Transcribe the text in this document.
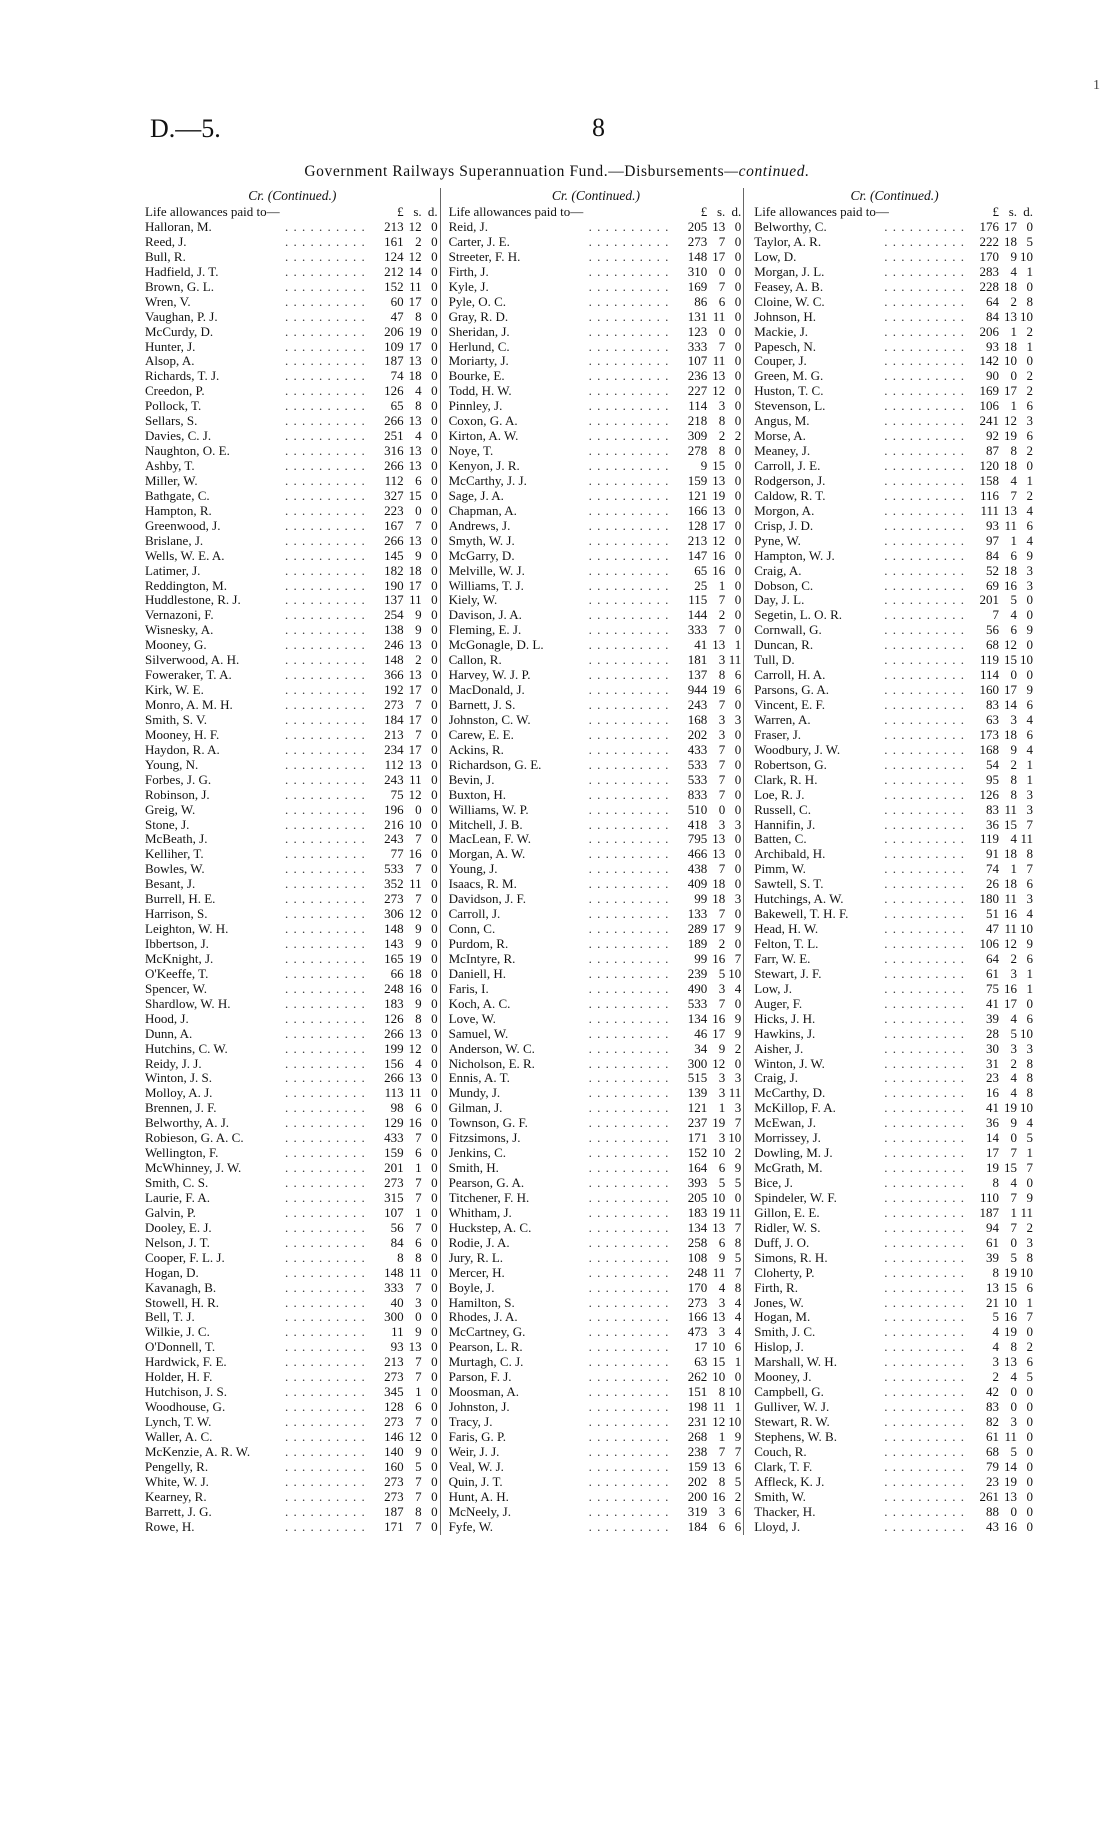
1
D.—5.	8
Government Railways Superannuation Fund.—Disbursements—continued.
Cr. (Continued.)
Life allowances paid to—	£ s. d.
Halloran, M.	. . . . . . . . . .	213 12 0
Reed, J.	. . . . . . . . . .	161 2 0
Bull, R.	. . . . . . . . . .	124 12 0
Hadfield, J. T.	. . . . . . . . . .	212 14 0
Brown, G. L.	. . . . . . . . . .	152 11 0
Wren, V.	. . . . . . . . . .	60 17 0
Vaughan, P. J.	. . . . . . . . . .	47 8 0
McCurdy, D.	. . . . . . . . . .	206 19 0
Hunter, J.	. . . . . . . . . .	109 17 0
Alsop, A.	. . . . . . . . . .	187 13 0
Richards, T. J.	. . . . . . . . . .	74 18 0
Creedon, P.	. . . . . . . . . .	126 4 0
Pollock, T.	. . . . . . . . . .	65 8 0
Sellars, S.	. . . . . . . . . .	266 13 0
Davies, C. J.	. . . . . . . . . .	251 4 0
Naughton, O. E.	. . . . . . . . . .	316 13 0
Ashby, T.	. . . . . . . . . .	266 13 0
Miller, W.	. . . . . . . . . .	112 6 0
Bathgate, C.	. . . . . . . . . .	327 15 0
Hampton, R.	. . . . . . . . . .	223 0 0
Greenwood, J.	. . . . . . . . . .	167 7 0
Brislane, J.	. . . . . . . . . .	266 13 0
Wells, W. E. A.	. . . . . . . . . .	145 9 0
Latimer, J.	. . . . . . . . . .	182 18 0
Reddington, M.	. . . . . . . . . .	190 17 0
Huddlestone, R. J.	. . . . . . . . . .	137 11 0
Vernazoni, F.	. . . . . . . . . .	254 9 0
Wisnesky, A.	. . . . . . . . . .	138 9 0
Mooney, G.	. . . . . . . . . .	246 13 0
Silverwood, A. H.	. . . . . . . . . .	148 2 0
Foweraker, T. A.	. . . . . . . . . .	366 13 0
Kirk, W. E.	. . . . . . . . . .	192 17 0
Monro, A. M. H.	. . . . . . . . . .	273 7 0
Smith, S. V.	. . . . . . . . . .	184 17 0
Mooney, H. F.	. . . . . . . . . .	213 7 0
Haydon, R. A.	. . . . . . . . . .	234 17 0
Young, N.	. . . . . . . . . .	112 13 0
Forbes, J. G.	. . . . . . . . . .	243 11 0
Robinson, J.	. . . . . . . . . .	75 12 0
Greig, W.	. . . . . . . . . .	196 0 0
Stone, J.	. . . . . . . . . .	216 10 0
McBeath, J.	. . . . . . . . . .	243 7 0
Kelliher, T.	. . . . . . . . . .	77 16 0
Bowles, W.	. . . . . . . . . .	533 7 0
Besant, J.	. . . . . . . . . .	352 11 0
Burrell, H. E.	. . . . . . . . . .	273 7 0
Harrison, S.	. . . . . . . . . .	306 12 0
Leighton, W. H.	. . . . . . . . . .	148 9 0
Ibbertson, J.	. . . . . . . . . .	143 9 0
McKnight, J.	. . . . . . . . . .	165 19 0
O'Keeffe, T.	. . . . . . . . . .	66 18 0
Spencer, W.	. . . . . . . . . .	248 16 0
Shardlow, W. H.	. . . . . . . . . .	183 9 0
Hood, J.	. . . . . . . . . .	126 8 0
Dunn, A.	. . . . . . . . . .	266 13 0
Hutchins, C. W.	. . . . . . . . . .	199 12 0
Reidy, J. J.	. . . . . . . . . .	156 4 0
Winton, J. S.	. . . . . . . . . .	266 13 0
Molloy, A. J.	. . . . . . . . . .	113 11 0
Brennen, J. F.	. . . . . . . . . .	98 6 0
Belworthy, A. J.	. . . . . . . . . .	129 16 0
Robieson, G. A. C.	. . . . . . . . . .	433 7 0
Wellington, F.	. . . . . . . . . .	159 6 0
McWhinney, J. W.	. . . . . . . . . .	201 1 0
Smith, C. S.	. . . . . . . . . .	273 7 0
Laurie, F. A.	. . . . . . . . . .	315 7 0
Galvin, P.	. . . . . . . . . .	107 1 0
Dooley, E. J.	. . . . . . . . . .	56 7 0
Nelson, J. T.	. . . . . . . . . .	84 6 0
Cooper, F. L. J.	. . . . . . . . . .	8 8 0
Hogan, D.	. . . . . . . . . .	148 11 0
Kavanagh, B.	. . . . . . . . . .	333 7 0
Stowell, H. R.	. . . . . . . . . .	40 3 0
Bell, T. J.	. . . . . . . . . .	300 0 0
Wilkie, J. C.	. . . . . . . . . .	11 9 0
O'Donnell, T.	. . . . . . . . . .	93 13 0
Hardwick, F. E.	. . . . . . . . . .	213 7 0
Holder, H. F.	. . . . . . . . . .	273 7 0
Hutchison, J. S.	. . . . . . . . . .	345 1 0
Woodhouse, G.	. . . . . . . . . .	128 6 0
Lynch, T. W.	. . . . . . . . . .	273 7 0
Waller, A. C.	. . . . . . . . . .	146 12 0
McKenzie, A. R. W.	. . . . . . . . . .	140 9 0
Pengelly, R.	. . . . . . . . . .	160 5 0
White, W. J.	. . . . . . . . . .	273 7 0
Kearney, R.	. . . . . . . . . .	273 7 0
Barrett, J. G.	. . . . . . . . . .	187 8 0
Rowe, H.	. . . . . . . . . .	171 7 0
Cr. (Continued.)
Life allowances paid to—	£ s. d.
Reid, J.	. . . . . . . . . .	205 13 0
Carter, J. E.	. . . . . . . . . .	273 7 0
Streeter, F. H.	. . . . . . . . . .	148 17 0
Firth, J.	. . . . . . . . . .	310 0 0
Kyle, J.	. . . . . . . . . .	169 7 0
Pyle, O. C.	. . . . . . . . . .	86 6 0
Gray, R. D.	. . . . . . . . . .	131 11 0
Sheridan, J.	. . . . . . . . . .	123 0 0
Herlund, C.	. . . . . . . . . .	333 7 0
Moriarty, J.	. . . . . . . . . .	107 11 0
Bourke, E.	. . . . . . . . . .	236 13 0
Todd, H. W.	. . . . . . . . . .	227 12 0
Pinnley, J.	. . . . . . . . . .	114 3 0
Coxon, G. A.	. . . . . . . . . .	218 8 0
Kirton, A. W.	. . . . . . . . . .	309 2 2
Noye, T.	. . . . . . . . . .	278 8 0
Kenyon, J. R.	. . . . . . . . . .	9 15 0
McCarthy, J. J.	. . . . . . . . . .	159 13 0
Sage, J. A.	. . . . . . . . . .	121 19 0
Chapman, A.	. . . . . . . . . .	166 13 0
Andrews, J.	. . . . . . . . . .	128 17 0
Smyth, W. J.	. . . . . . . . . .	213 12 0
McGarry, D.	. . . . . . . . . .	147 16 0
Melville, W. J.	. . . . . . . . . .	65 16 0
Williams, T. J.	. . . . . . . . . .	25 1 0
Kiely, W.	. . . . . . . . . .	115 7 0
Davison, J. A.	. . . . . . . . . .	144 2 0
Fleming, E. J.	. . . . . . . . . .	333 7 0
McGonagle, D. L.	. . . . . . . . . .	41 13 1
Callon, R.	. . . . . . . . . .	181 3 11
Harvey, W. J. P.	. . . . . . . . . .	137 8 6
MacDonald, J.	. . . . . . . . . .	944 19 6
Barnett, J. S.	. . . . . . . . . .	243 7 0
Johnston, C. W.	. . . . . . . . . .	168 3 3
Carew, E. E.	. . . . . . . . . .	202 3 0
Ackins, R.	. . . . . . . . . .	433 7 0
Richardson, G. E.	. . . . . . . . . .	533 7 0
Bevin, J.	. . . . . . . . . .	533 7 0
Buxton, H.	. . . . . . . . . .	833 7 0
Williams, W. P.	. . . . . . . . . .	510 0 0
Mitchell, J. B.	. . . . . . . . . .	418 3 3
MacLean, F. W.	. . . . . . . . . .	795 13 0
Morgan, A. W.	. . . . . . . . . .	466 13 0
Young, J.	. . . . . . . . . .	438 7 0
Isaacs, R. M.	. . . . . . . . . .	409 18 0
Davidson, J. F.	. . . . . . . . . .	99 18 3
Carroll, J.	. . . . . . . . . .	133 7 0
Conn, C.	. . . . . . . . . .	289 17 9
Purdom, R.	. . . . . . . . . .	189 2 0
McIntyre, R.	. . . . . . . . . .	99 16 7
Daniell, H.	. . . . . . . . . .	239 5 10
Faris, I.	. . . . . . . . . .	490 3 4
Koch, A. C.	. . . . . . . . . .	533 7 0
Love, W.	. . . . . . . . . .	134 16 9
Samuel, W.	. . . . . . . . . .	46 17 9
Anderson, W. C.	. . . . . . . . . .	34 9 2
Nicholson, E. R.	. . . . . . . . . .	300 12 0
Ennis, A. T.	. . . . . . . . . .	515 3 3
Mundy, J.	. . . . . . . . . .	139 3 11
Gilman, J.	. . . . . . . . . .	121 1 3
Townson, G. F.	. . . . . . . . . .	237 19 7
Fitzsimons, J.	. . . . . . . . . .	171 3 10
Jenkins, C.	. . . . . . . . . .	152 10 2
Smith, H.	. . . . . . . . . .	164 6 9
Pearson, G. A.	. . . . . . . . . .	393 5 5
Titchener, F. H.	. . . . . . . . . .	205 10 0
Whitham, J.	. . . . . . . . . .	183 19 11
Huckstep, A. C.	. . . . . . . . . .	134 13 7
Rodie, J. A.	. . . . . . . . . .	258 6 8
Jury, R. L.	. . . . . . . . . .	108 9 5
Mercer, H.	. . . . . . . . . .	248 11 7
Boyle, J.	. . . . . . . . . .	170 4 8
Hamilton, S.	. . . . . . . . . .	273 3 4
Rhodes, J. A.	. . . . . . . . . .	166 13 4
McCartney, G.	. . . . . . . . . .	473 3 4
Pearson, L. R.	. . . . . . . . . .	17 10 6
Murtagh, C. J.	. . . . . . . . . .	63 15 1
Parson, F. J.	. . . . . . . . . .	262 10 0
Moosman, A.	. . . . . . . . . .	151 8 10
Johnston, J.	. . . . . . . . . .	198 11 1
Tracy, J.	. . . . . . . . . .	231 12 10
Faris, G. P.	. . . . . . . . . .	268 1 9
Weir, J. J.	. . . . . . . . . .	238 7 7
Veal, W. J.	. . . . . . . . . .	159 13 6
Quin, J. T.	. . . . . . . . . .	202 8 5
Hunt, A. H.	. . . . . . . . . .	200 16 2
McNeely, J.	. . . . . . . . . .	319 3 6
Fyfe, W.	. . . . . . . . . .	184 6 6
Cr. (Continued.)
Life allowances paid to—	£ s. d.
Belworthy, C.	. . . . . . . . . .	176 17 0
Taylor, A. R.	. . . . . . . . . .	222 18 5
Low, D.	. . . . . . . . . .	170 9 10
Morgan, J. L.	. . . . . . . . . .	283 4 1
Feasey, A. B.	. . . . . . . . . .	228 18 0
Cloine, W. C.	. . . . . . . . . .	64 2 8
Johnson, H.	. . . . . . . . . .	84 13 10
Mackie, J.	. . . . . . . . . .	206 1 2
Papesch, N.	. . . . . . . . . .	93 18 1
Couper, J.	. . . . . . . . . .	142 10 0
Green, M. G.	. . . . . . . . . .	90 0 2
Huston, T. C.	. . . . . . . . . .	169 17 2
Stevenson, L.	. . . . . . . . . .	106 1 6
Angus, M.	. . . . . . . . . .	241 12 3
Morse, A.	. . . . . . . . . .	92 19 6
Meaney, J.	. . . . . . . . . .	87 8 2
Carroll, J. E.	. . . . . . . . . .	120 18 0
Rodgerson, J.	. . . . . . . . . .	158 4 1
Caldow, R. T.	. . . . . . . . . .	116 7 2
Morgon, A.	. . . . . . . . . .	111 13 4
Crisp, J. D.	. . . . . . . . . .	93 11 6
Pyne, W.	. . . . . . . . . .	97 1 4
Hampton, W. J.	. . . . . . . . . .	84 6 9
Craig, A.	. . . . . . . . . .	52 18 3
Dobson, C.	. . . . . . . . . .	69 16 3
Day, J. L.	. . . . . . . . . .	201 5 0
Segetin, L. O. R.	. . . . . . . . . .	7 4 0
Cornwall, G.	. . . . . . . . . .	56 6 9
Duncan, R.	. . . . . . . . . .	68 12 0
Tull, D.	. . . . . . . . . .	119 15 10
Carroll, H. A.	. . . . . . . . . .	114 0 0
Parsons, G. A.	. . . . . . . . . .	160 17 9
Vincent, E. F.	. . . . . . . . . .	83 14 6
Warren, A.	. . . . . . . . . .	63 3 4
Fraser, J.	. . . . . . . . . .	173 18 6
Woodbury, J. W.	. . . . . . . . . .	168 9 4
Robertson, G.	. . . . . . . . . .	54 2 1
Clark, R. H.	. . . . . . . . . .	95 8 1
Loe, R. J.	. . . . . . . . . .	126 8 3
Russell, C.	. . . . . . . . . .	83 11 3
Hannifin, J.	. . . . . . . . . .	36 15 7
Batten, C.	. . . . . . . . . .	119 4 11
Archibald, H.	. . . . . . . . . .	91 18 8
Pimm, W.	. . . . . . . . . .	74 1 7
Sawtell, S. T.	. . . . . . . . . .	26 18 6
Hutchings, A. W.	. . . . . . . . . .	180 11 3
Bakewell, T. H. F.	. . . . . . . . . .	51 16 4
Head, H. W.	. . . . . . . . . .	47 11 10
Felton, T. L.	. . . . . . . . . .	106 12 9
Farr, W. E.	. . . . . . . . . .	64 2 6
Stewart, J. F.	. . . . . . . . . .	61 3 1
Low, J.	. . . . . . . . . .	75 16 1
Auger, F.	. . . . . . . . . .	41 17 0
Hicks, J. H.	. . . . . . . . . .	39 4 6
Hawkins, J.	. . . . . . . . . .	28 5 10
Aisher, J.	. . . . . . . . . .	30 3 3
Winton, J. W.	. . . . . . . . . .	31 2 8
Craig, J.	. . . . . . . . . .	23 4 8
McCarthy, D.	. . . . . . . . . .	16 4 8
McKillop, F. A.	. . . . . . . . . .	41 19 10
McEwan, J.	. . . . . . . . . .	36 9 4
Morrissey, J.	. . . . . . . . . .	14 0 5
Dowling, M. J.	. . . . . . . . . .	17 7 1
McGrath, M.	. . . . . . . . . .	19 15 7
Bice, J.	. . . . . . . . . .	8 4 0
Spindeler, W. F.	. . . . . . . . . .	110 7 9
Gillon, E. E.	. . . . . . . . . .	187 1 11
Ridler, W. S.	. . . . . . . . . .	94 7 2
Duff, J. O.	. . . . . . . . . .	61 0 3
Simons, R. H.	. . . . . . . . . .	39 5 8
Cloherty, P.	. . . . . . . . . .	8 19 10
Firth, R.	. . . . . . . . . .	13 15 6
Jones, W.	. . . . . . . . . .	21 10 1
Hogan, M.	. . . . . . . . . .	5 16 7
Smith, J. C.	. . . . . . . . . .	4 19 0
Hislop, J.	. . . . . . . . . .	4 8 2
Marshall, W. H.	. . . . . . . . . .	3 13 6
Mooney, J.	. . . . . . . . . .	2 4 5
Campbell, G.	. . . . . . . . . .	42 0 0
Gulliver, W. J.	. . . . . . . . . .	83 0 0
Stewart, R. W.	. . . . . . . . . .	82 3 0
Stephens, W. B.	. . . . . . . . . .	61 11 0
Couch, R.	. . . . . . . . . .	68 5 0
Clark, T. F.	. . . . . . . . . .	79 14 0
Affleck, K. J.	. . . . . . . . . .	23 19 0
Smith, W.	. . . . . . . . . .	261 13 0
Thacker, H.	. . . . . . . . . .	88 0 0
Lloyd, J.	. . . . . . . . . .	43 16 0
